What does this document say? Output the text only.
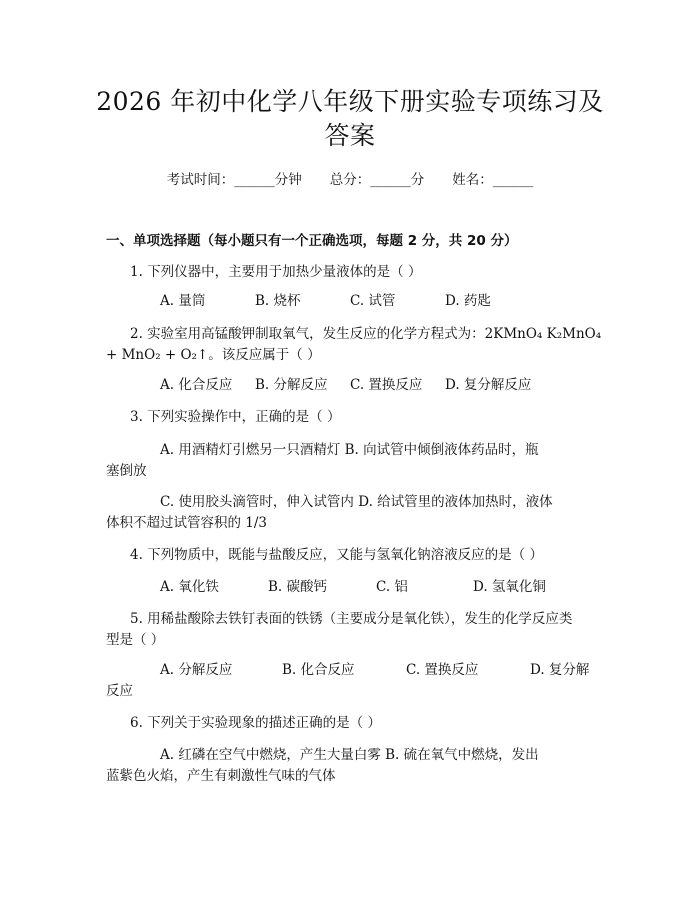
2026 年初中化学八年级下册实验专项练习及
答案
考试时间：______分钟 总分：______分 姓名：______
一、单项选择题（每小题只有一个正确选项，每题 2 分，共 20 分）
1. 下列仪器中，主要用于加热少量液体的是（ ）
A. 量筒	B. 烧杯	C. 试管	D. 药匙
2. 实验室用高锰酸钾制取氧气，发生反应的化学方程式为：2KMnO₄ K₂MnO₄
+ MnO₂ + O₂↑。该反应属于（ ）
A. 化合反应	B. 分解反应	C. 置换反应	D. 复分解反应
3. 下列实验操作中，正确的是（ ）
A. 用酒精灯引燃另一只酒精灯 B. 向试管中倾倒液体药品时，瓶
塞倒放
C. 使用胶头滴管时，伸入试管内 D. 给试管里的液体加热时，液体
体积不超过试管容积的 1/3
4. 下列物质中，既能与盐酸反应，又能与氢氧化钠溶液反应的是（ ）
A. 氧化铁	B. 碳酸钙	C. 铝	D. 氢氧化铜
5. 用稀盐酸除去铁钉表面的铁锈（主要成分是氧化铁），发生的化学反应类
型是（ ）
A. 分解反应	B. 化合反应	C. 置换反应	D. 复分解
反应
6. 下列关于实验现象的描述正确的是（ ）
A. 红磷在空气中燃烧，产生大量白雾 B. 硫在氧气中燃烧，发出
蓝紫色火焰，产生有刺激性气味的气体
